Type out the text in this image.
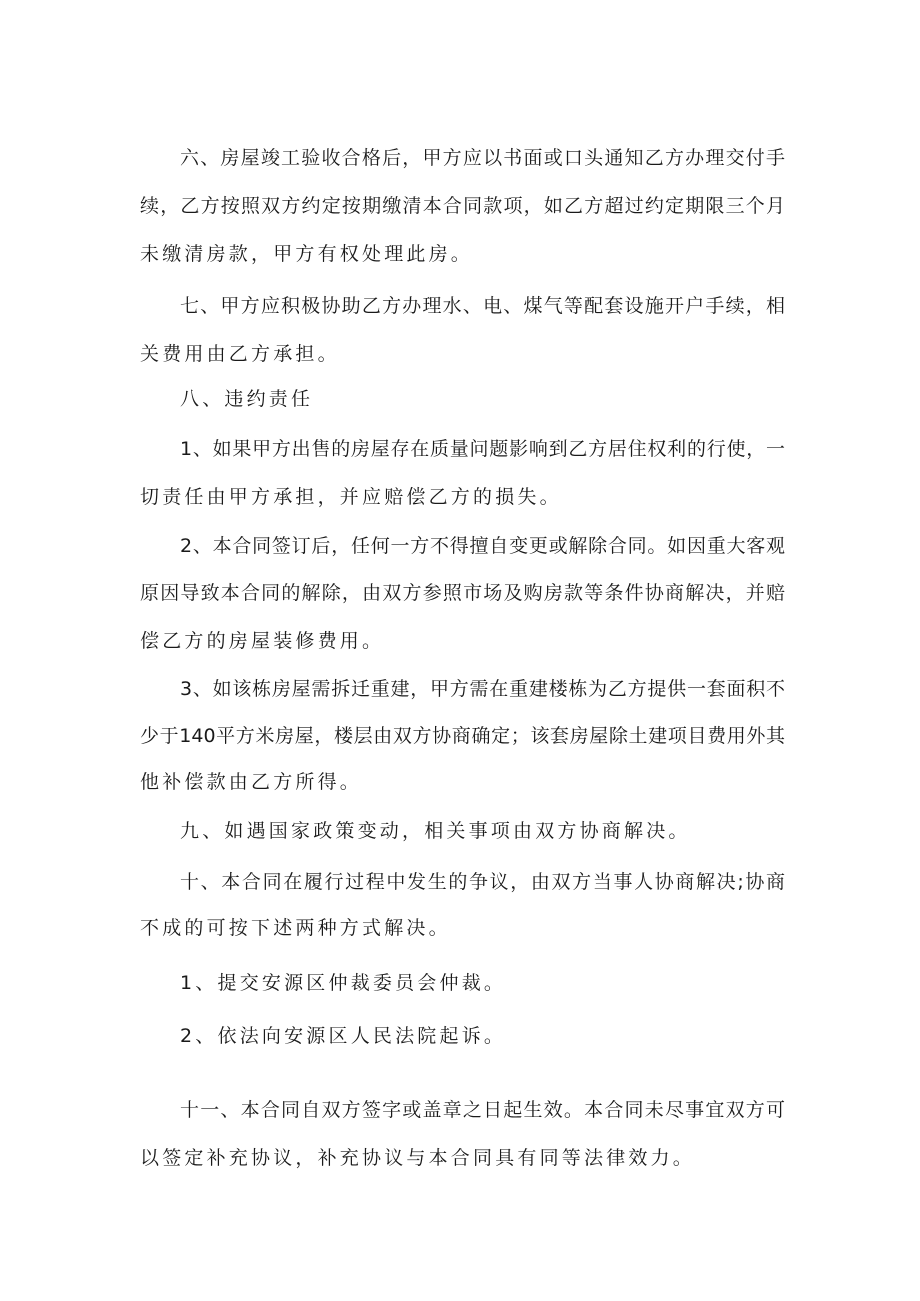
六、房屋竣工验收合格后，甲方应以书面或口头通知乙方办理交付手
续，乙方按照双方约定按期缴清本合同款项，如乙方超过约定期限三个月
未缴清房款，甲方有权处理此房。
七、甲方应积极协助乙方办理水、电、煤气等配套设施开户手续，相
关费用由乙方承担。
八、违约责任
1、如果甲方出售的房屋存在质量问题影响到乙方居住权利的行使，一
切责任由甲方承担，并应赔偿乙方的损失。
2、本合同签订后，任何一方不得擅自变更或解除合同。如因重大客观
原因导致本合同的解除，由双方参照市场及购房款等条件协商解决，并赔
偿乙方的房屋装修费用。
3、如该栋房屋需拆迁重建，甲方需在重建楼栋为乙方提供一套面积不
少于140平方米房屋，楼层由双方协商确定；该套房屋除土建项目费用外其
他补偿款由乙方所得。
九、如遇国家政策变动，相关事项由双方协商解决。
十、本合同在履行过程中发生的争议，由双方当事人协商解决;协商
不成的可按下述两种方式解决。
1、提交安源区仲裁委员会仲裁。
2、依法向安源区人民法院起诉。
十一、本合同自双方签字或盖章之日起生效。本合同未尽事宜双方可
以签定补充协议，补充协议与本合同具有同等法律效力。
